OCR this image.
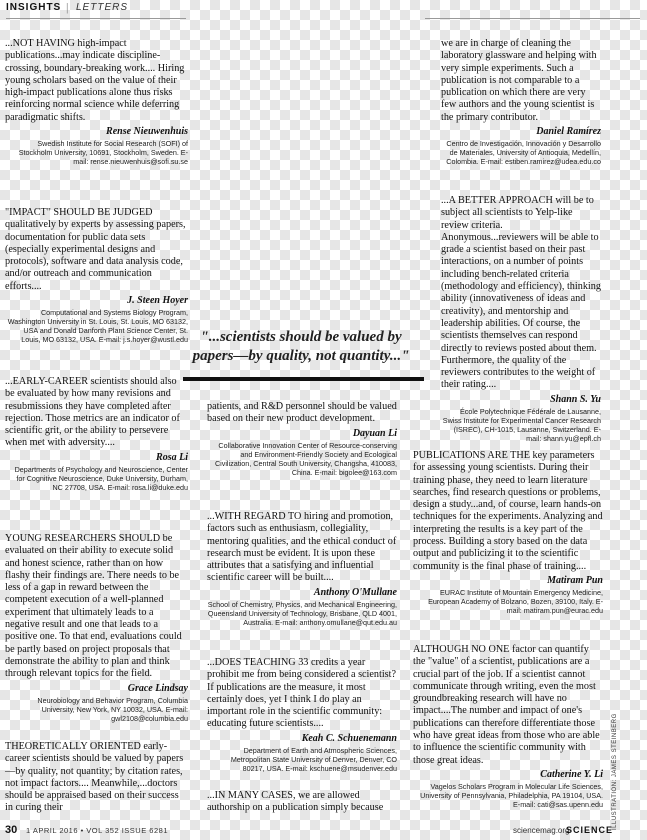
INSIGHTS | LETTERS

...NOT HAVING high-impact publications...may indicate discipline-crossing, boundary-breaking work.... Hiring young scholars based on the value of their high-impact publications alone thus risks reinforcing normal science while deferring paradigmatic shifts.

Rense Nieuwenhuis

Swedish Institute for Social Research (SOFI) of Stockholm University, 10691, Stockholm, Sweden. E-mail: rense.nieuwenhuis@sofi.su.se

"IMPACT" SHOULD BE JUDGED qualitatively by experts by assessing papers, documentation for public data sets (especially experimental designs and protocols), software and data analysis code, and/or outreach and communication efforts....

J. Steen Hoyer

Computational and Systems Biology Program, Washington University in St. Louis, St. Louis, MO 63132, USA and Donald Danforth Plant Science Center, St. Louis, MO 63132, USA. E-mail: j.s.hoyer@wustl.edu

...EARLY-CAREER scientists should also be evaluated by how many revisions and resubmissions they have completed after rejection. Those metrics are an indicator of scientific grit, or the ability to persevere when met with adversity....

Rosa Li

Departments of Psychology and Neuroscience, Center for Cognitive Neuroscience, Duke University, Durham, NC 27708, USA. E-mail: rosa.li@duke.edu

YOUNG RESEARCHERS SHOULD be evaluated on their ability to execute solid and honest science, rather than on how flashy their findings are. There needs to be less of a gap in reward between the competent execution of a well-planned experiment that ultimately leads to a negative result and one that leads to a positive one. To that end, evaluations could be partly based on project proposals that demonstrate the ability to plan and think through relevant topics for the field.

Grace Lindsay

Neurobiology and Behavior Program, Columbia University, New York, NY 10032, USA. E-mail: gwl2108@columbia.edu

THEORETICALLY ORIENTED early-career scientists should be valued by papers—by quality, not quantity; by citation rates, not impact factors.... Meanwhile,...doctors should be appraised based on their success in curing their

"...scientists should be valued by papers—by quality, not quantity..."

patients, and R&D personnel should be valued based on their new product development.

Dayuan Li

Collaborative Innovation Center of Resource-conserving and Environment-Friendly Society and Ecological Civilization, Central South University, Changsha, 410083, China. E-mail: bigolee@163.com

...WITH REGARD TO hiring and promotion, factors such as enthusiasm, collegiality, mentoring qualities, and the ethical conduct of research must be evident. It is upon these attributes that a satisfying and influential scientific career will be built....

Anthony O'Mullane

School of Chemistry, Physics, and Mechanical Engineering, Queensland University of Technology, Brisbane, QLD 4001, Australia. E-mail: anthony.omullane@qut.edu.au

...DOES TEACHING 33 credits a year prohibit me from being considered a scientist? If publications are the measure, it most certainly does, yet I think I do play an important role in the scientific community: educating future scientists....

Keah C. Schuenemann

Department of Earth and Atmospheric Sciences, Metropolitan State University of Denver, Denver, CO 80217, USA. E-mail: kschuene@msudenver.edu

...IN MANY CASES, we are allowed authorship on a publication simply because

we are in charge of cleaning the laboratory glassware and helping with very simple experiments. Such a publication is not comparable to a publication on which there are very few authors and the young scientist is the primary contributor.

Daniel Ramírez

Centro de Investigación, Innovación y Desarrollo de Materiales, University of Antioquia, Medellín, Colombia. E-mail: estiben.ramirez@udea.edu.co

...A BETTER APPROACH will be to subject all scientists to Yelp-like review criteria. Anonymous...reviewers will be able to grade a scientist based on their past interactions, on a number of points including bench-related criteria (methodology and efficiency), thinking ability (innovativeness of ideas and creativity), and mentorship and leadership abilities. Of course, the scientists themselves can respond directly to reviews posted about them. Furthermore, the quality of the reviewers contributes to the weight of their rating....

Shann S. Yu

École Polytechnique Fédérale de Lausanne, Swiss Institute for Experimental Cancer Research (ISREC), CH-1015, Lausanne, Switzerland. E-mail: shann.yu@epfl.ch

PUBLICATIONS ARE THE key parameters for assessing young scientists. During their training phase, they need to learn literature searches, find research questions or problems, design a study...and, of course, learn hands-on techniques for the experiments. Analyzing and interpreting the results is a key part of the process. Building a story based on the data output and publicizing it to the scientific community is the final phase of training....

Matiram Pun

EURAC Institute of Mountain Emergency Medicine, European Academy of Bolzano, Bozen, 39100, Italy. E-mail: matiram.pun@eurac.edu

ALTHOUGH NO ONE factor can quantify the "value" of a scientist, publications are a crucial part of the job. If a scientist cannot communicate through writing, even the most groundbreaking research will have no impact....The number and impact of one's publications can therefore differentiate those who have great ideas from those who are able to influence the scientific community with those great ideas.

Catherine Y. Li

Vagelos Scholars Program in Molecular Life Sciences, University of Pennsylvania, Philadelphia, PA 19104, USA. E-mail: cati@sas.upenn.edu ILLUSTRATION: JAMES STEINBERG
30 1 APRIL 2016 • VOL 352 ISSUE 6281	sciencemag.org
SCIENCE
